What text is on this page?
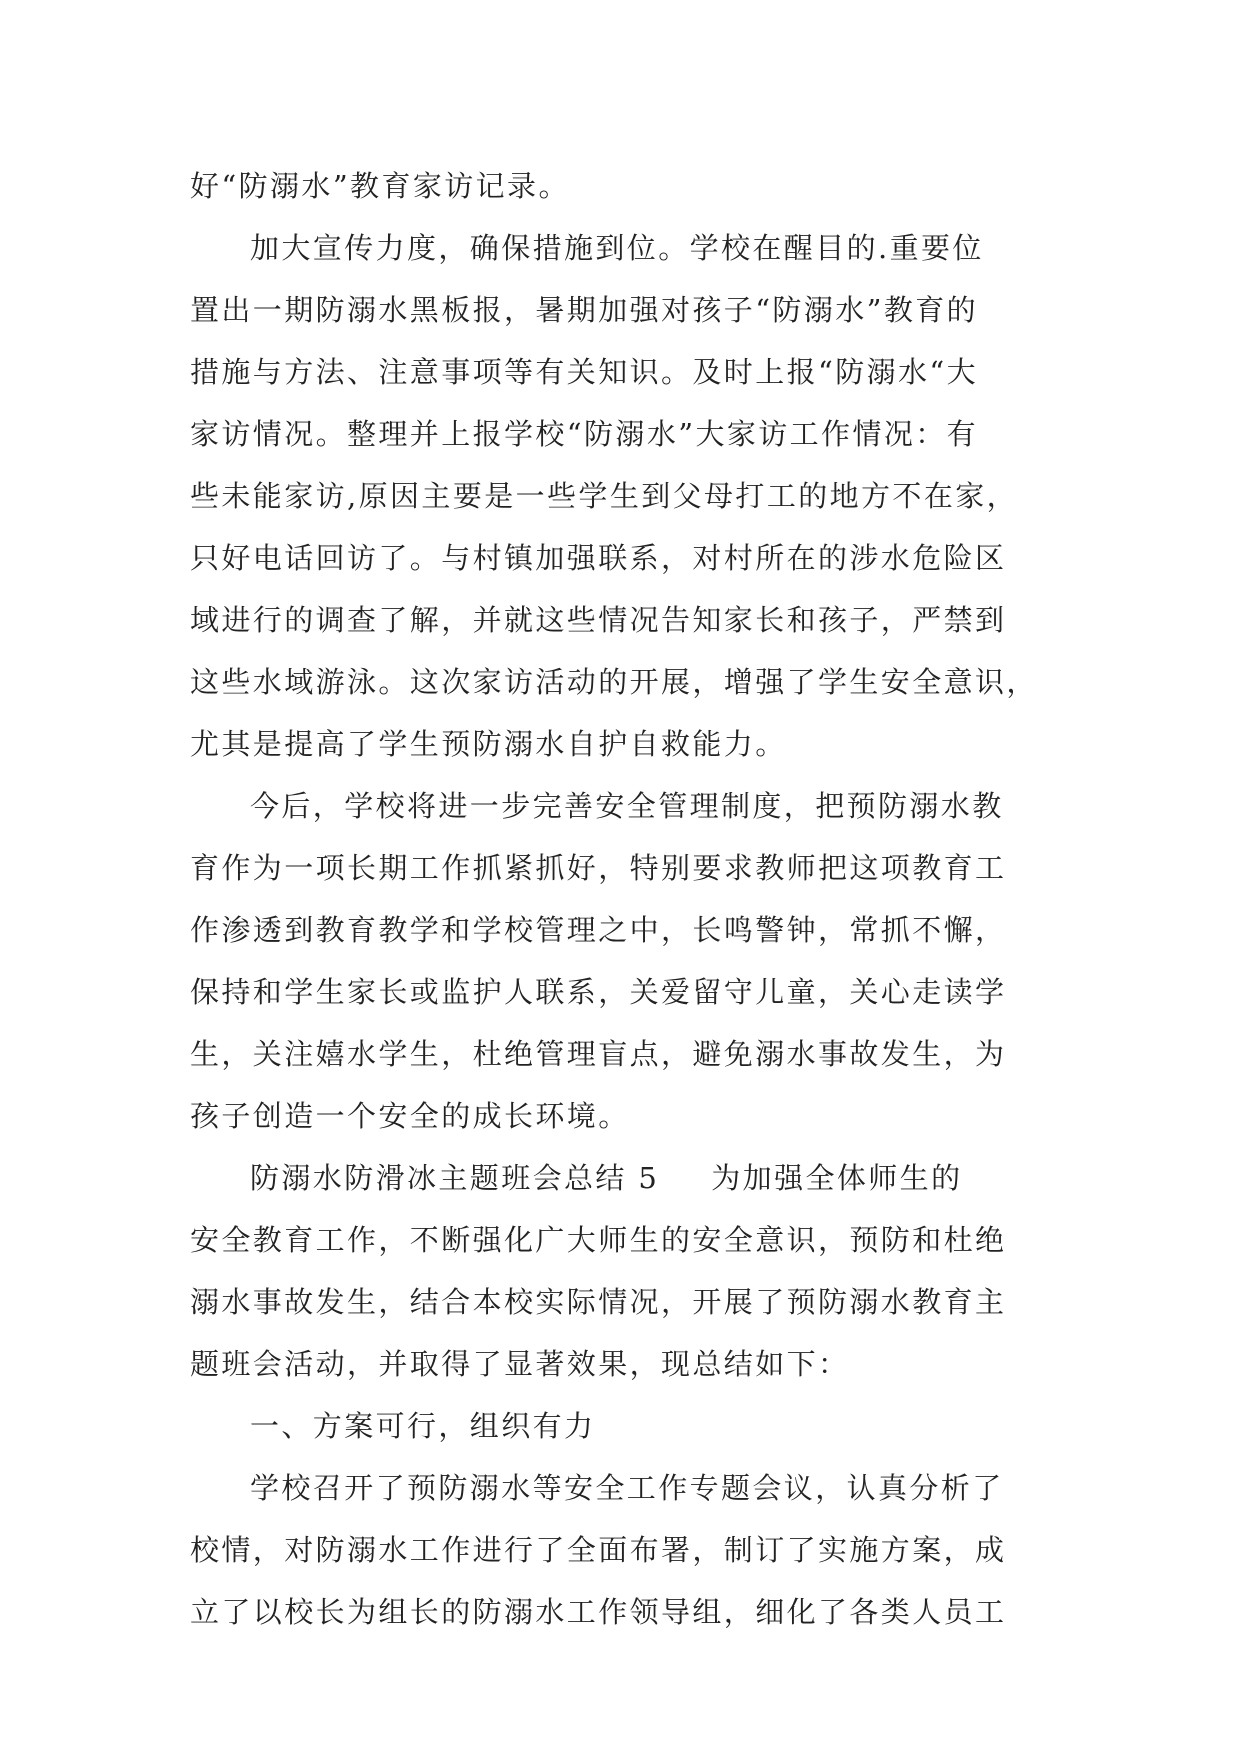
好“防溺水”教育家访记录。
加大宣传力度，确保措施到位。学校在醒目的.重要位
置出一期防溺水黑板报，暑期加强对孩子“防溺水”教育的
措施与方法、注意事项等有关知识。及时上报“防溺水“大
家访情况。整理并上报学校“防溺水”大家访工作情况：有
些未能家访,原因主要是一些学生到父母打工的地方不在家，
只好电话回访了。与村镇加强联系，对村所在的涉水危险区
域进行的调查了解，并就这些情况告知家长和孩子，严禁到
这些水域游泳。这次家访活动的开展，增强了学生安全意识，
尤其是提高了学生预防溺水自护自救能力。
今后，学校将进一步完善安全管理制度，把预防溺水教
育作为一项长期工作抓紧抓好，特别要求教师把这项教育工
作渗透到教育教学和学校管理之中，长鸣警钟，常抓不懈，
保持和学生家长或监护人联系，关爱留守儿童，关心走读学
生，关注嬉水学生，杜绝管理盲点，避免溺水事故发生，为
孩子创造一个安全的成长环境。
防溺水防滑冰主题班会总结 5 为加强全体师生的
安全教育工作，不断强化广大师生的安全意识，预防和杜绝
溺水事故发生，结合本校实际情况，开展了预防溺水教育主
题班会活动，并取得了显著效果，现总结如下：
一、方案可行，组织有力
学校召开了预防溺水等安全工作专题会议，认真分析了
校情，对防溺水工作进行了全面布署，制订了实施方案，成
立了以校长为组长的防溺水工作领导组，细化了各类人员工
